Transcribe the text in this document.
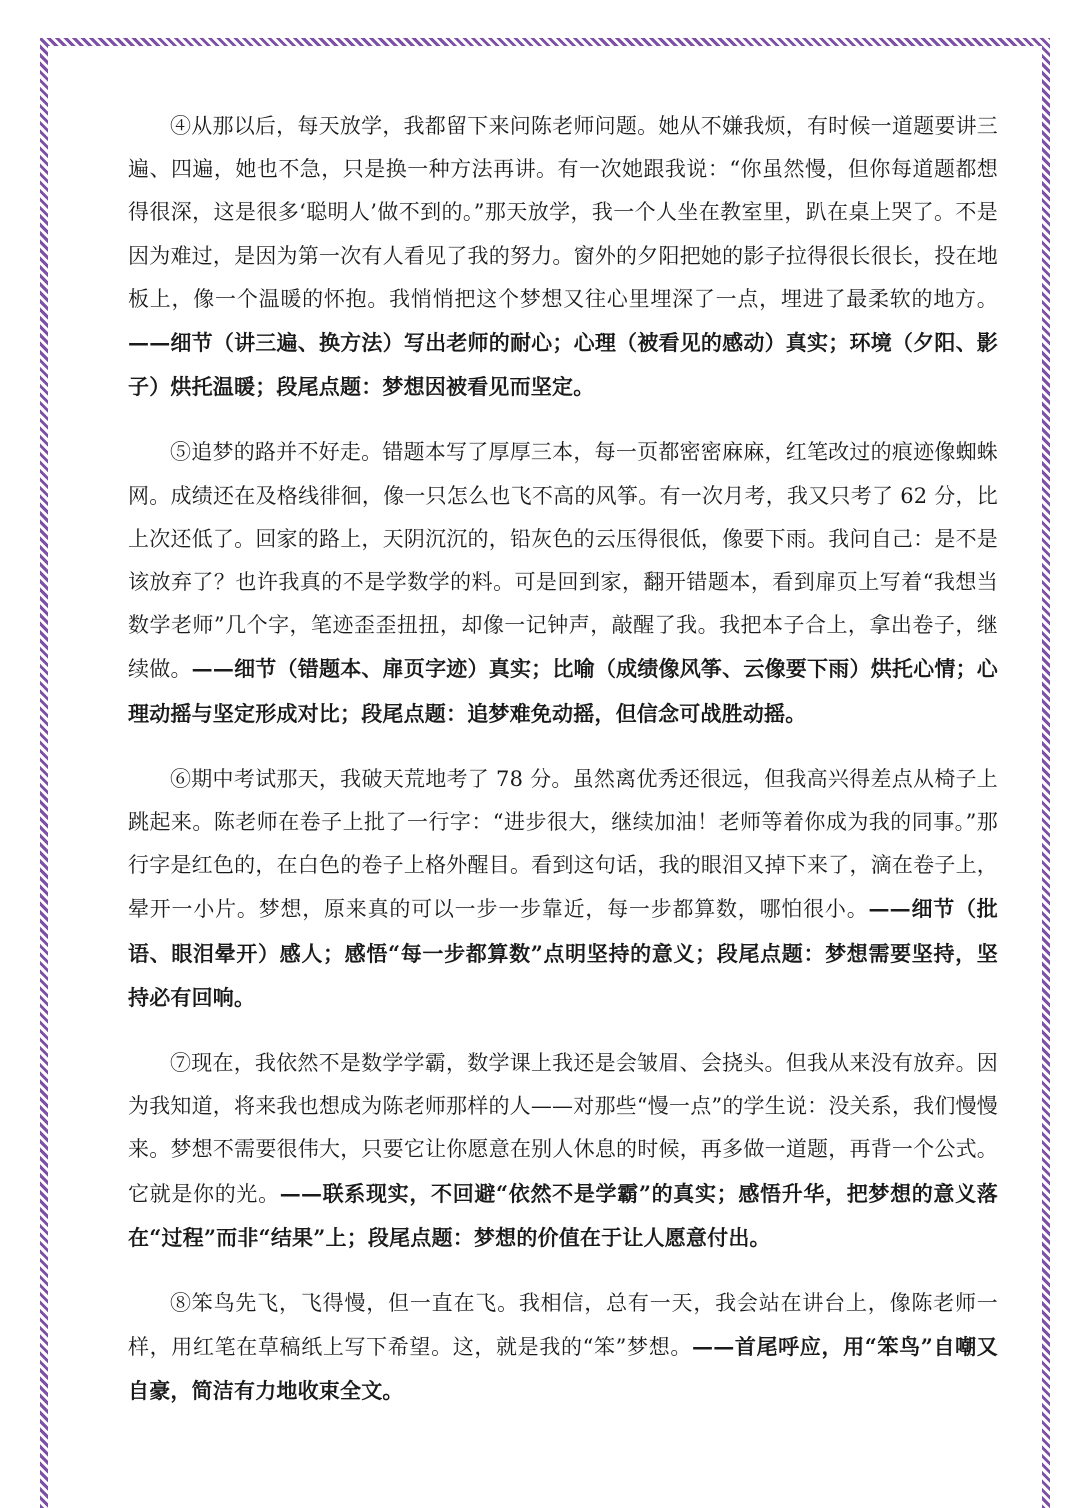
④从那以后，每天放学，我都留下来问陈老师问题。她从不嫌我烦，有时候一道题要讲三遍、四遍，她也不急，只是换一种方法再讲。有一次她跟我说：“你虽然慢，但你每道题都想得很深，这是很多‘聪明人’做不到的。”那天放学，我一个人坐在教室里，趴在桌上哭了。不是因为难过，是因为第一次有人看见了我的努力。窗外的夕阳把她的影子拉得很长很长，投在地板上，像一个温暖的怀抱。我悄悄把这个梦想又往心里埋深了一点，埋进了最柔软的地方。——细节（讲三遍、换方法）写出老师的耐心；心理（被看见的感动）真实；环境（夕阳、影子）烘托温暖；段尾点题：梦想因被看见而坚定。

⑤追梦的路并不好走。错题本写了厚厚三本，每一页都密密麻麻，红笔改过的痕迹像蜘蛛网。成绩还在及格线徘徊，像一只怎么也飞不高的风筝。有一次月考，我又只考了 62 分，比上次还低了。回家的路上，天阴沉沉的，铅灰色的云压得很低，像要下雨。我问自己：是不是该放弃了？也许我真的不是学数学的料。可是回到家，翻开错题本，看到扉页上写着“我想当数学老师”几个字，笔迹歪歪扭扭，却像一记钟声，敲醒了我。我把本子合上，拿出卷子，继续做。——细节（错题本、扉页字迹）真实；比喻（成绩像风筝、云像要下雨）烘托心情；心理动摇与坚定形成对比；段尾点题：追梦难免动摇，但信念可战胜动摇。

⑥期中考试那天，我破天荒地考了 78 分。虽然离优秀还很远，但我高兴得差点从椅子上跳起来。陈老师在卷子上批了一行字：“进步很大，继续加油！老师等着你成为我的同事。”那行字是红色的，在白色的卷子上格外醒目。看到这句话，我的眼泪又掉下来了，滴在卷子上，晕开一小片。梦想，原来真的可以一步一步靠近，每一步都算数，哪怕很小。——细节（批语、眼泪晕开）感人；感悟“每一步都算数”点明坚持的意义；段尾点题：梦想需要坚持，坚持必有回响。

⑦现在，我依然不是数学学霸，数学课上我还是会皱眉、会挠头。但我从来没有放弃。因为我知道，将来我也想成为陈老师那样的人——对那些“慢一点”的学生说：没关系，我们慢慢来。梦想不需要很伟大，只要它让你愿意在别人休息的时候，再多做一道题，再背一个公式。它就是你的光。——联系现实，不回避“依然不是学霸”的真实；感悟升华，把梦想的意义落在“过程”而非“结果”上；段尾点题：梦想的价值在于让人愿意付出。

⑧笨鸟先飞，飞得慢，但一直在飞。我相信，总有一天，我会站在讲台上，像陈老师一样，用红笔在草稿纸上写下希望。这，就是我的“笨”梦想。——首尾呼应，用“笨鸟”自嘲又自豪，简洁有力地收束全文。
